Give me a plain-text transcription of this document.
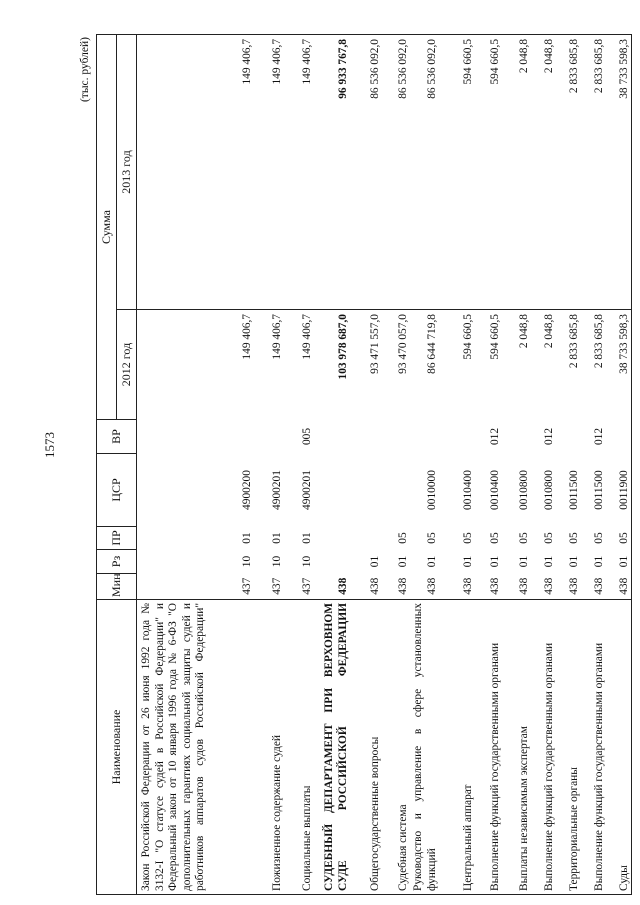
1573
(тыс. рублей)
Наименование	Мин	Рз	ПР	ЦСР	ВР	Сумма	
						2012 год	2013 год
Закон Российской Федерации от 26 июня 1992 года № 3132-I "О статусе судей в Российской Федерации" и Федеральный закон от 10 января 1996 года № 6-ФЗ "О дополнительных гарантиях социальной защиты судей и работников аппаратов судов Российской Федерации"	437	10	01	4900200		149 406,7	149 406,7
Пожизненное содержание судей	437	10	01	4900201		149 406,7	149 406,7
Социальные выплаты	437	10	01	4900201	005	149 406,7	149 406,7
СУДЕБНЫЙ ДЕПАРТАМЕНТ ПРИ ВЕРХОВНОМ СУДЕ РОССИЙСКОЙ ФЕДЕРАЦИИ	438					103 978 687,0	96 933 767,8
Общегосударственные вопросы	438	01				93 471 557,0	86 536 092,0
Судебная система	438	01	05			93 470 057,0	86 536 092,0
Руководство и управление в сфере установленных функций	438	01	05	0010000		86 644 719,8	86 536 092,0
Центральный аппарат	438	01	05	0010400		594 660,5	594 660,5
Выполнение функций государственными органами	438	01	05	0010400	012	594 660,5	594 660,5
Выплаты независимым экспертам	438	01	05	0010800		2 048,8	2 048,8
Выполнение функций государственными органами	438	01	05	0010800	012	2 048,8	2 048,8
Территориальные органы	438	01	05	0011500		2 833 685,8	2 833 685,8
Выполнение функций государственными органами	438	01	05	0011500	012	2 833 685,8	2 833 685,8
Суды	438	01	05	0011900		38 733 598,3	38 733 598,3
